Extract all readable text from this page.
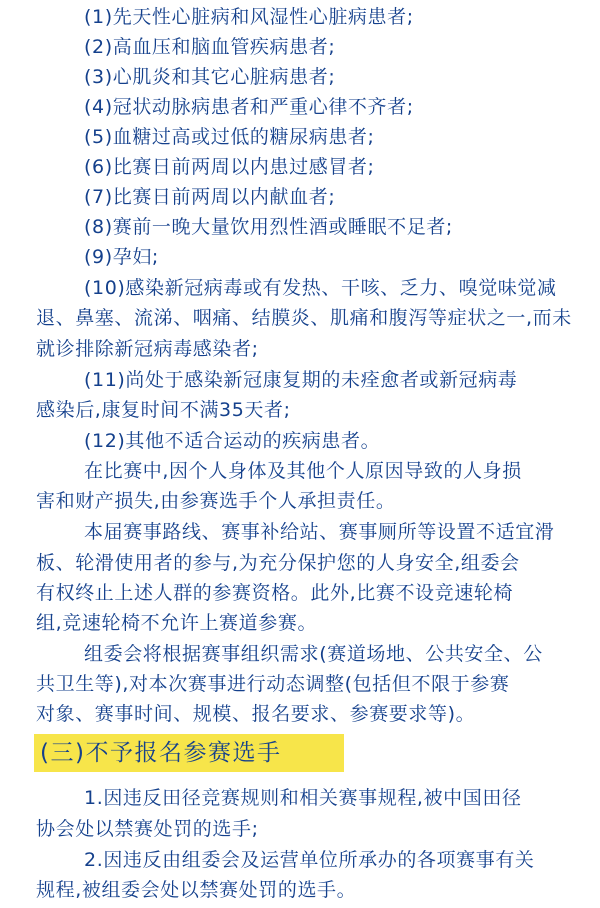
(1)先天性心脏病和风湿性心脏病患者;
(2)高血压和脑血管疾病患者;
(3)心肌炎和其它心脏病患者;
(4)冠状动脉病患者和严重心律不齐者;
(5)血糖过高或过低的糖尿病患者;
(6)比赛日前两周以内患过感冒者;
(7)比赛日前两周以内献血者;
(8)赛前一晚大量饮用烈性酒或睡眠不足者;
(9)孕妇;
(10)感染新冠病毒或有发热、干咳、乏力、嗅觉味觉减
退、鼻塞、流涕、咽痛、结膜炎、肌痛和腹泻等症状之一,而未
就诊排除新冠病毒感染者;
(11)尚处于感染新冠康复期的未痊愈者或新冠病毒
感染后,康复时间不满35天者;
(12)其他不适合运动的疾病患者。
在比赛中,因个人身体及其他个人原因导致的人身损
害和财产损失,由参赛选手个人承担责任。
本届赛事路线、赛事补给站、赛事厕所等设置不适宜滑
板、轮滑使用者的参与,为充分保护您的人身安全,组委会
有权终止上述人群的参赛资格。此外,比赛不设竞速轮椅
组,竞速轮椅不允许上赛道参赛。
组委会将根据赛事组织需求(赛道场地、公共安全、公
共卫生等),对本次赛事进行动态调整(包括但不限于参赛
对象、赛事时间、规模、报名要求、参赛要求等)。
(三)不予报名参赛选手
1.因违反田径竞赛规则和相关赛事规程,被中国田径
协会处以禁赛处罚的选手;
2.因违反由组委会及运营单位所承办的各项赛事有关
规程,被组委会处以禁赛处罚的选手。
